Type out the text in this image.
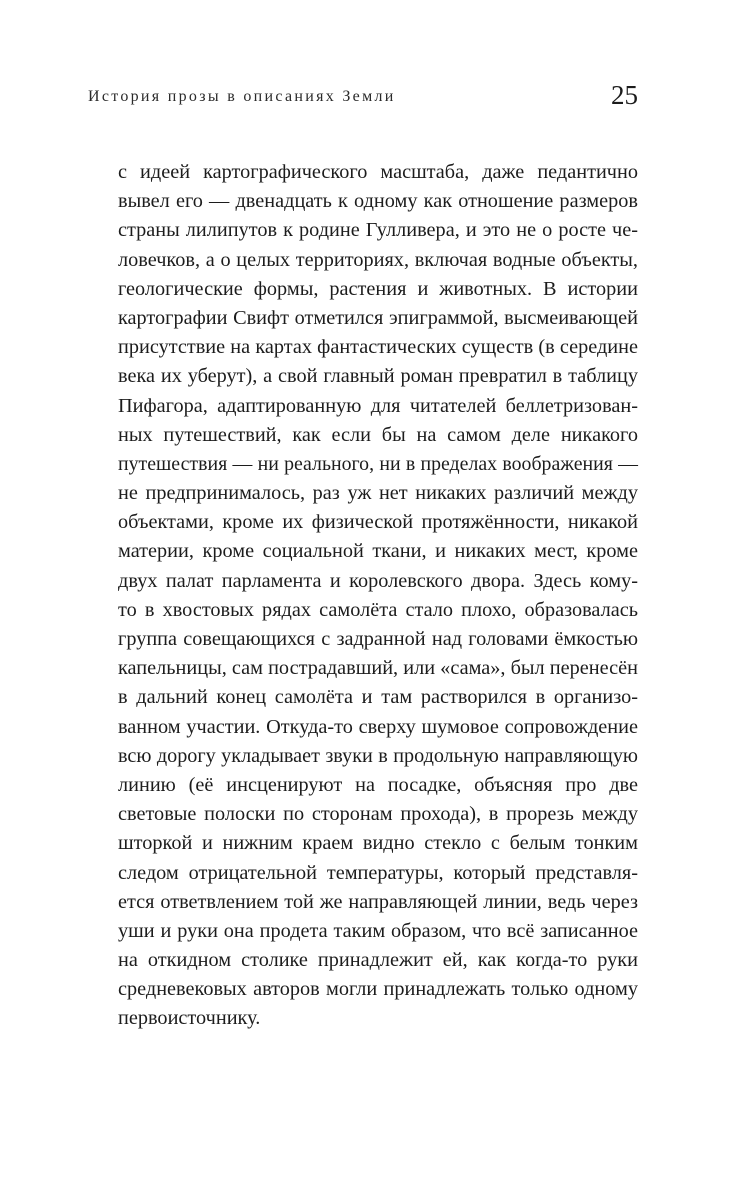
История прозы в описаниях Земли	25
с идеей картографического масштаба, даже педантично
вывел его — двенадцать к одному как отношение размеров
страны лилипутов к родине Гулливера, и это не о росте че-
ловечков, а о целых территориях, включая водные объекты,
геологические формы, растения и животных. В истории
картографии Свифт отметился эпиграммой, высмеивающей
присутствие на картах фантастических существ (в середине
века их уберут), а свой главный роман превратил в таблицу
Пифагора, адаптированную для читателей беллетризован-
ных путешествий, как если бы на самом деле никакого
путешествия — ни реального, ни в пределах воображения —
не предпринималось, раз уж нет никаких различий между
объектами, кроме их физической протяжённости, никакой
материи, кроме социальной ткани, и никаких мест, кроме
двух палат парламента и королевского двора. Здесь кому-
то в хвостовых рядах самолёта стало плохо, образовалась
группа совещающихся с задранной над головами ёмкостью
капельницы, сам пострадавший, или «сама», был перенесён
в дальний конец самолёта и там растворился в организо-
ванном участии. Откуда-то сверху шумовое сопровождение
всю дорогу укладывает звуки в продольную направляющую
линию (её инсценируют на посадке, объясняя про две
световые полоски по сторонам прохода), в прорезь между
шторкой и нижним краем видно стекло с белым тонким
следом отрицательной температуры, который представля-
ется ответвлением той же направляющей линии, ведь через
уши и руки она продета таким образом, что всё записанное
на откидном столике принадлежит ей, как когда-то руки
средневековых авторов могли принадлежать только одному
первоисточнику.
